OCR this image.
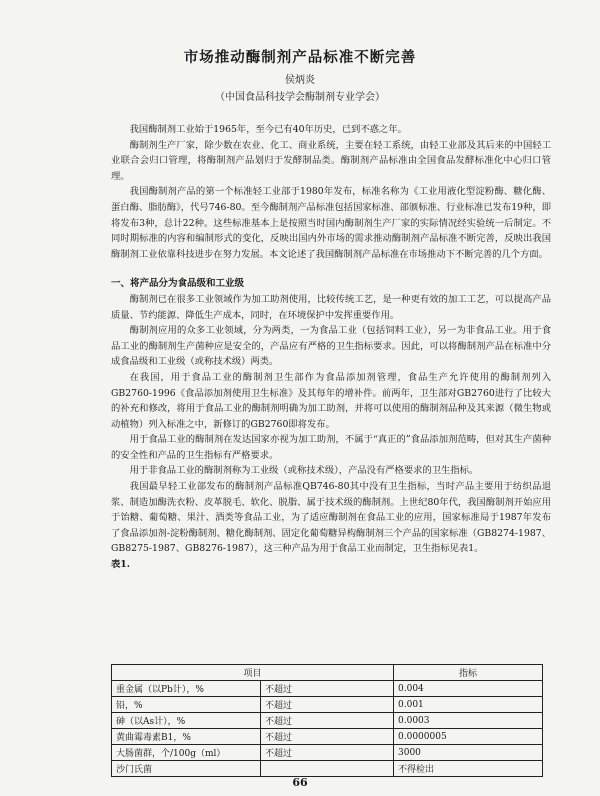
市场推动酶制剂产品标准不断完善
侯炳炎
（中国食品科技学会酶制剂专业学会）

我国酶制剂工业始于1965年，至今已有40年历史，已到不惑之年。

酶制剂生产厂家，除少数在农业、化工、商业系统，主要在轻工系统，由轻工业部及其后来的中国轻工业联合会归口管理，将酶制剂产品划归于发酵制品类。酶制剂产品标准由全国食品发酵标准化中心归口管理。

我国酶制剂产品的第一个标准轻工业部于1980年发布，标准名称为《工业用液化型淀粉酶、糖化酶、蛋白酶、脂肪酶》，代号746-80。至今酶制剂产品标准包括国家标准、部颁标准、行业标准已发布19种，即将发布3种，总计22种。这些标准基本上是按照当时国内酶制剂生产厂家的实际情况经实验统一后制定。不同时期标准的内容和编制形式的变化，反映出国内外市场的需求推动酶制剂产品标准不断完善，反映出我国酶制剂工业依靠科技进步在努力发展。本文论述了我国酶制剂产品标准在市场推动下不断完善的几个方面。

一、将产品分为食品级和工业级

酶制剂已在很多工业领域作为加工助剂使用，比较传统工艺，是一种更有效的加工工艺，可以提高产品质量、节约能源、降低生产成本，同时，在环境保护中发挥重要作用。

酶制剂应用的众多工业领域，分为两类，一为食品工业（包括饲料工业），另一为非食品工业。用于食品工业的酶制剂生产菌种应是安全的，产品应有严格的卫生指标要求。因此，可以将酶制剂产品在标准中分成食品级和工业级（或称技术级）两类。

在我国，用于食品工业的酶制剂卫生部作为食品添加剂管理，食品生产允许使用的酶制剂列入GB2760-1996《食品添加剂使用卫生标准》及其每年的增补件。前两年，卫生部对GB2760进行了比较大的补充和修改，将用于食品工业的酶制剂明确为加工助剂，并将可以使用的酶制剂品种及其来源（微生物或动植物）列入标准之中，新修订的GB2760即将发布。

用于食品工业的酶制剂在发达国家亦视为加工助剂，不属于“真正的”食品添加剂范畴，但对其生产菌种的安全性和产品的卫生指标有严格要求。

用于非食品工业的酶制剂称为工业级（或称技术级），产品没有严格要求的卫生指标。

我国最早轻工业部发布的酶制剂产品标准QB746-80其中没有卫生指标，当时产品主要用于纺织品退浆、制造加酶洗衣粉、皮革脱毛、软化、脱脂、属于技术级的酶制剂。上世纪80年代，我国酶制剂开始应用于饴糖、葡萄糖、果汁、酒类等食品工业，为了适应酶制剂在食品工业的应用，国家标准局于1987年发布了食品添加剂-淀粉酶制剂、糖化酶制剂、固定化葡萄糖异构酶制剂三个产品的国家标准（GB8274-1987、GB8275-1987、GB8276-1987），这三种产品为用于食品工业而制定，卫生指标见表1。

表1.

项目		指标
重金属（以Pb计），%	不超过	0.004
铅，%	不超过	0.001
砷（以As计），%	不超过	0.0003
黄曲霉毒素B1，%	不超过	0.0000005
大肠菌群，个/100g（ml）	不超过	3000
沙门氏菌		不得检出
66
